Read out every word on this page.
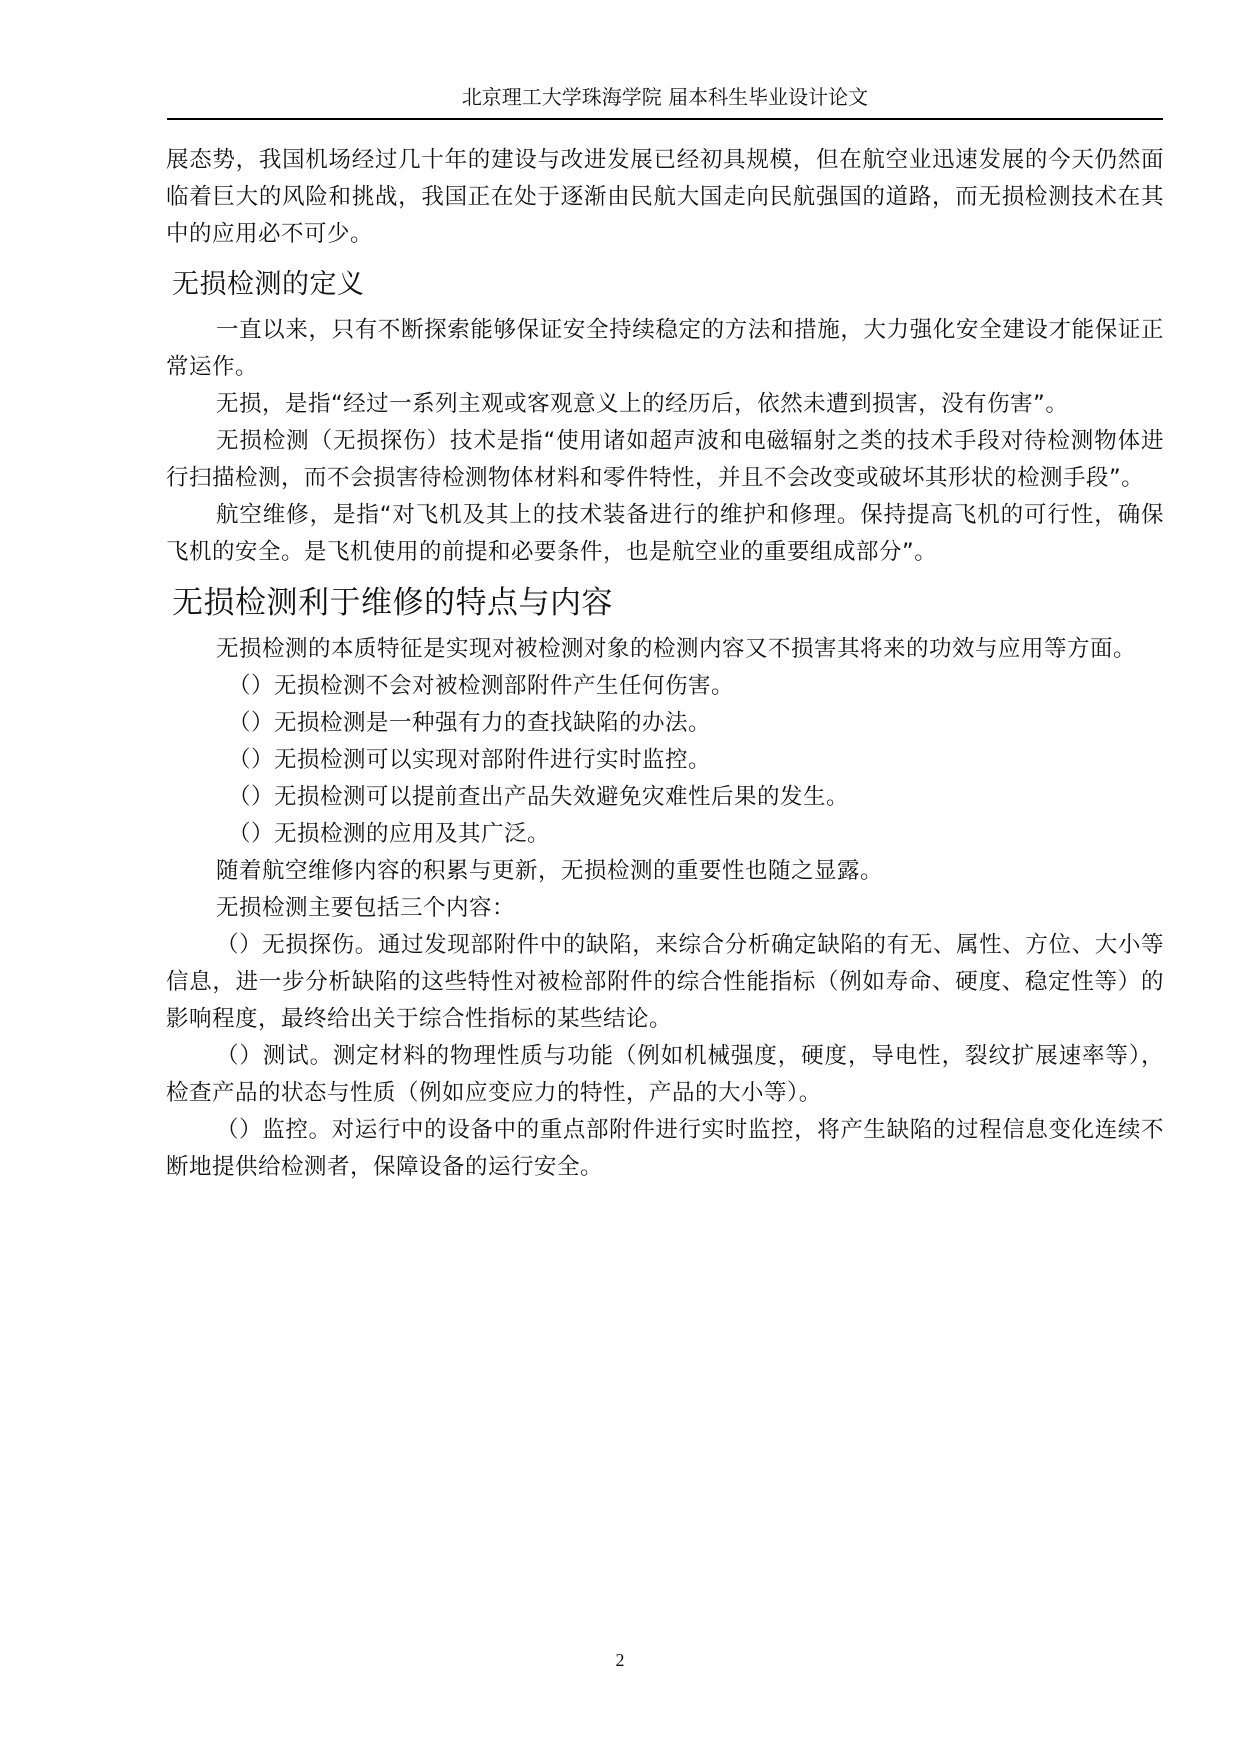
北京理工大学珠海学院 届本科生毕业设计论文

展态势，我国机场经过几十年的建设与改进发展已经初具规模，但在航空业迅速发展的今天仍然面临着巨大的风险和挑战，我国正在处于逐渐由民航大国走向民航强国的道路，而无损检测技术在其中的应用必不可少。

无损检测的定义

一直以来，只有不断探索能够保证安全持续稳定的方法和措施，大力强化安全建设才能保证正常运作。

无损，是指“经过一系列主观或客观意义上的经历后，依然未遭到损害，没有伤害”。

无损检测（无损探伤）技术是指“使用诸如超声波和电磁辐射之类的技术手段对待检测物体进行扫描检测，而不会损害待检测物体材料和零件特性，并且不会改变或破坏其形状的检测手段”。

航空维修，是指“对飞机及其上的技术装备进行的维护和修理。保持提高飞机的可行性，确保飞机的安全。是飞机使用的前提和必要条件，也是航空业的重要组成部分”。

无损检测利于维修的特点与内容

无损检测的本质特征是实现对被检测对象的检测内容又不损害其将来的功效与应用等方面。

（）无损检测不会对被检测部附件产生任何伤害。

（）无损检测是一种强有力的查找缺陷的办法。

（）无损检测可以实现对部附件进行实时监控。

（）无损检测可以提前查出产品失效避免灾难性后果的发生。

（）无损检测的应用及其广泛。

随着航空维修内容的积累与更新，无损检测的重要性也随之显露。

无损检测主要包括三个内容：

（）无损探伤。通过发现部附件中的缺陷，来综合分析确定缺陷的有无、属性、方位、大小等信息，进一步分析缺陷的这些特性对被检部附件的综合性能指标（例如寿命、硬度、稳定性等）的影响程度，最终给出关于综合性指标的某些结论。

（）测试。测定材料的物理性质与功能（例如机械强度，硬度，导电性，裂纹扩展速率等），检查产品的状态与性质（例如应变应力的特性，产品的大小等）。

（）监控。对运行中的设备中的重点部附件进行实时监控，将产生缺陷的过程信息变化连续不断地提供给检测者，保障设备的运行安全。

2
